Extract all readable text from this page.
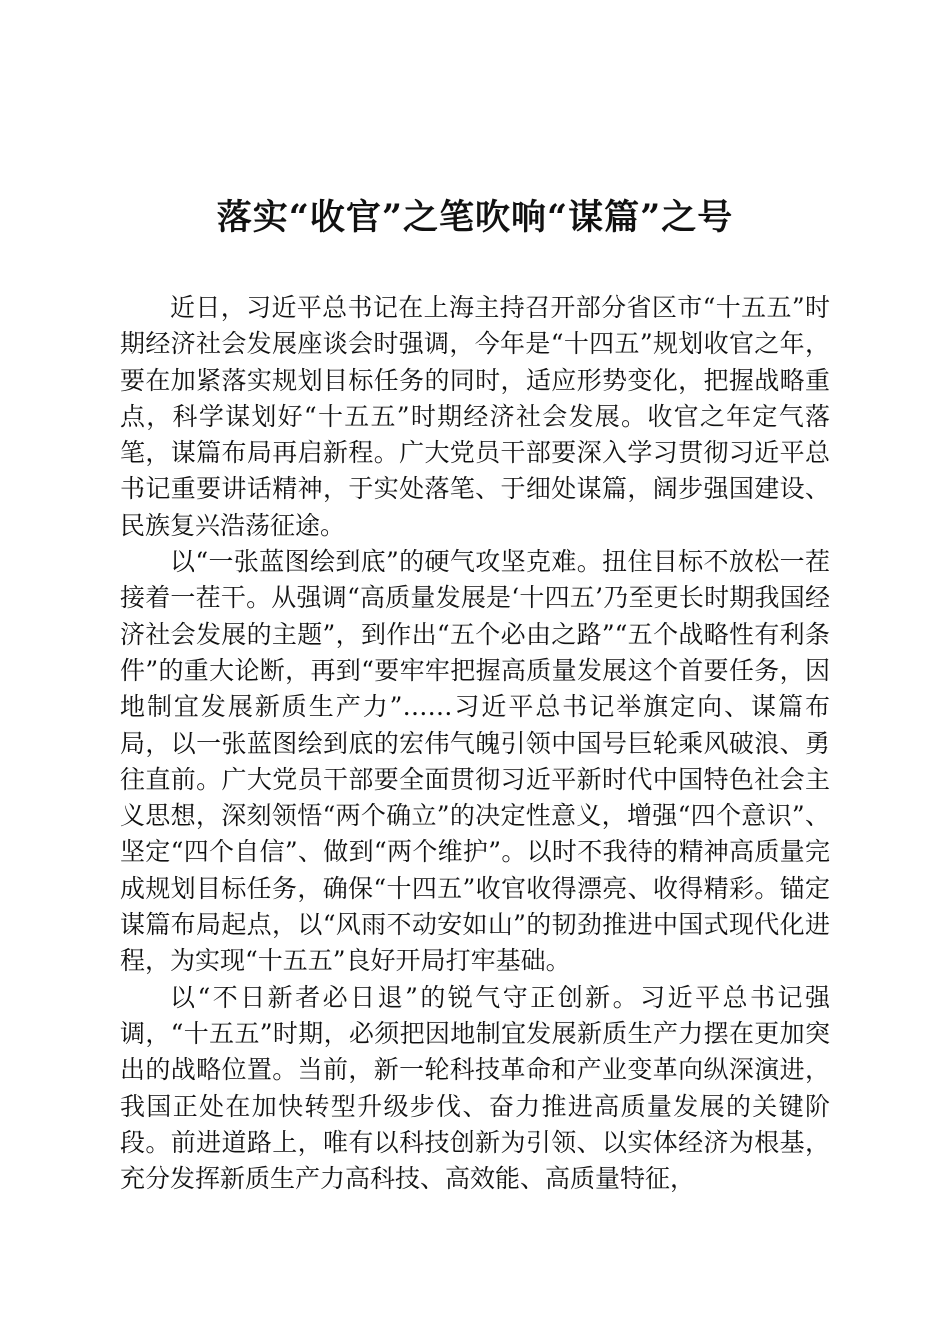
落实“收官”之笔吹响“谋篇”之号

近日，习近平总书记在上海主持召开部分省区市“十五五”时期经济社会发展座谈会时强调，今年是“十四五”规划收官之年，要在加紧落实规划目标任务的同时，适应形势变化，把握战略重点，科学谋划好“十五五”时期经济社会发展。收官之年定气落笔，谋篇布局再启新程。广大党员干部要深入学习贯彻习近平总书记重要讲话精神，于实处落笔、于细处谋篇，阔步强国建设、民族复兴浩荡征途。

以“一张蓝图绘到底”的硬气攻坚克难。扭住目标不放松一茬接着一茬干。从强调“高质量发展是‘十四五’乃至更长时期我国经济社会发展的主题”，到作出“五个必由之路”“五个战略性有利条件”的重大论断，再到“要牢牢把握高质量发展这个首要任务，因地制宜发展新质生产力”……习近平总书记举旗定向、谋篇布局，以一张蓝图绘到底的宏伟气魄引领中国号巨轮乘风破浪、勇往直前。广大党员干部要全面贯彻习近平新时代中国特色社会主义思想，深刻领悟“两个确立”的决定性意义，增强“四个意识”、坚定“四个自信”、做到“两个维护”。以时不我待的精神高质量完成规划目标任务，确保“十四五”收官收得漂亮、收得精彩。锚定谋篇布局起点，以“风雨不动安如山”的韧劲推进中国式现代化进程，为实现“十五五”良好开局打牢基础。

以“不日新者必日退”的锐气守正创新。习近平总书记强调，“十五五”时期，必须把因地制宜发展新质生产力摆在更加突出的战略位置。当前，新一轮科技革命和产业变革向纵深演进，我国正处在加快转型升级步伐、奋力推进高质量发展的关键阶段。前进道路上，唯有以科技创新为引领、以实体经济为根基，充分发挥新质生产力高科技、高效能、高质量特征，
